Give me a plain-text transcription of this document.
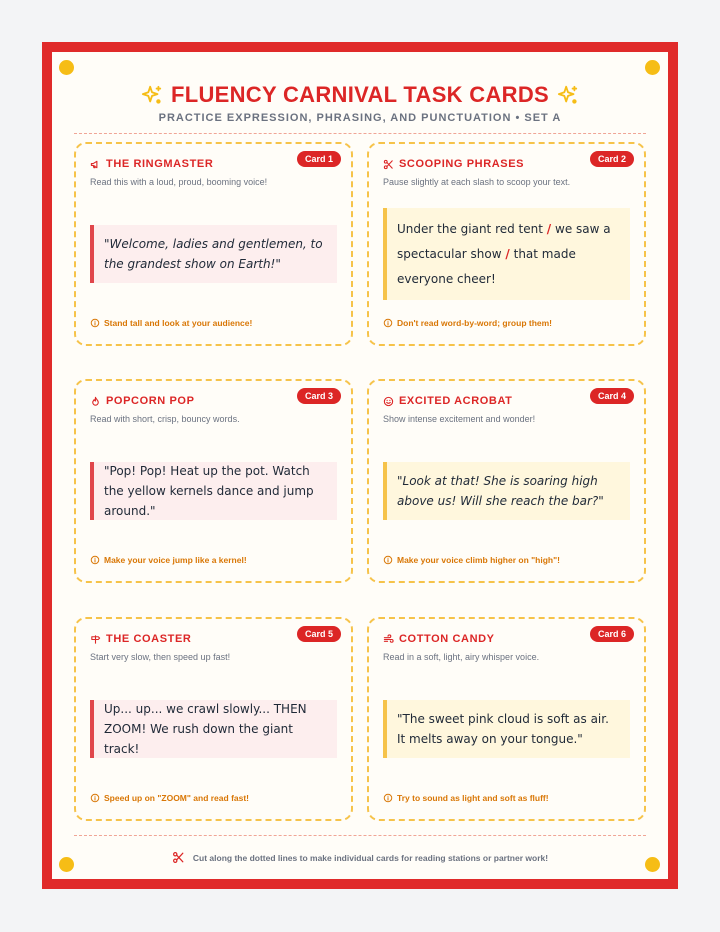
FLUENCY CARNIVAL TASK CARDS
PRACTICE EXPRESSION, PHRASING, AND PUNCTUATION • SET A
Card 1
THE RINGMASTER
Read this with a loud, proud, booming voice!
"Welcome, ladies and gentlemen, to the grandest show on Earth!"
Stand tall and look at your audience!
Card 2
SCOOPING PHRASES
Pause slightly at each slash to scoop your text.
Under the giant red tent / we saw a spectacular show / that made everyone cheer!
Don't read word-by-word; group them!
Card 3
POPCORN POP
Read with short, crisp, bouncy words.
"Pop! Pop! Heat up the pot. Watch the yellow kernels dance and jump around."
Make your voice jump like a kernel!
Card 4
EXCITED ACROBAT
Show intense excitement and wonder!
"Look at that! She is soaring high above us! Will she reach the bar?"
Make your voice climb higher on "high"!
Card 5
THE COASTER
Start very slow, then speed up fast!
Up... up... we crawl slowly... THEN ZOOM! We rush down the giant track!
Speed up on "ZOOM" and read fast!
Card 6
COTTON CANDY
Read in a soft, light, airy whisper voice.
"The sweet pink cloud is soft as air. It melts away on your tongue."
Try to sound as light and soft as fluff!
Cut along the dotted lines to make individual cards for reading stations or partner work!
